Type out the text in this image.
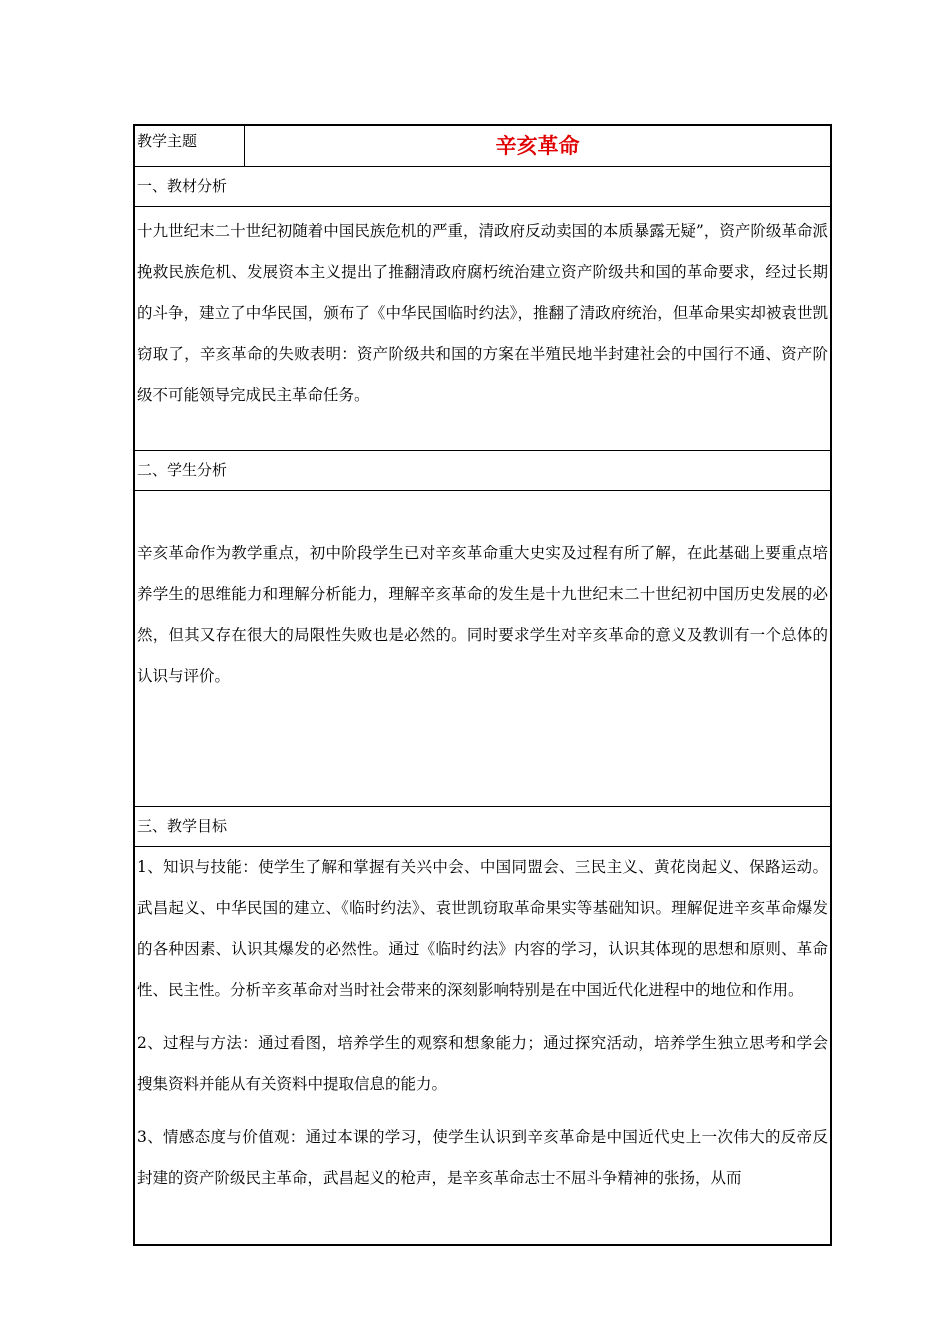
教学主题	辛亥革命
一、教材分析

十九世纪末二十世纪初随着中国民族危机的严重，清政府反动卖国的本质暴露无疑”，资产阶级革命派挽救民族危机、发展资本主义提出了推翻清政府腐朽统治建立资产阶级共和国的革命要求，经过长期的斗争，建立了中华民国，颁布了《中华民国临时约法》，推翻了清政府统治，但革命果实却被袁世凯窃取了，辛亥革命的失败表明：资产阶级共和国的方案在半殖民地半封建社会的中国行不通、资产阶级不可能领导完成民主革命任务。

二、学生分析

辛亥革命作为教学重点，初中阶段学生已对辛亥革命重大史实及过程有所了解，在此基础上要重点培养学生的思维能力和理解分析能力，理解辛亥革命的发生是十九世纪末二十世纪初中国历史发展的必然，但其又存在很大的局限性失败也是必然的。同时要求学生对辛亥革命的意义及教训有一个总体的认识与评价。

三、教学目标

1、知识与技能：使学生了解和掌握有关兴中会、中国同盟会、三民主义、黄花岗起义、保路运动。武昌起义、中华民国的建立、《临时约法》、袁世凯窃取革命果实等基础知识。理解促进辛亥革命爆发的各种因素、认识其爆发的必然性。通过《临时约法》内容的学习，认识其体现的思想和原则、革命性、民主性。分析辛亥革命对当时社会带来的深刻影响特别是在中国近代化进程中的地位和作用。

2、过程与方法：通过看图，培养学生的观察和想象能力；通过探究活动，培养学生独立思考和学会搜集资料并能从有关资料中提取信息的能力。

3、情感态度与价值观：通过本课的学习，使学生认识到辛亥革命是中国近代史上一次伟大的反帝反封建的资产阶级民主革命，武昌起义的枪声，是辛亥革命志士不屈斗争精神的张扬，从而
